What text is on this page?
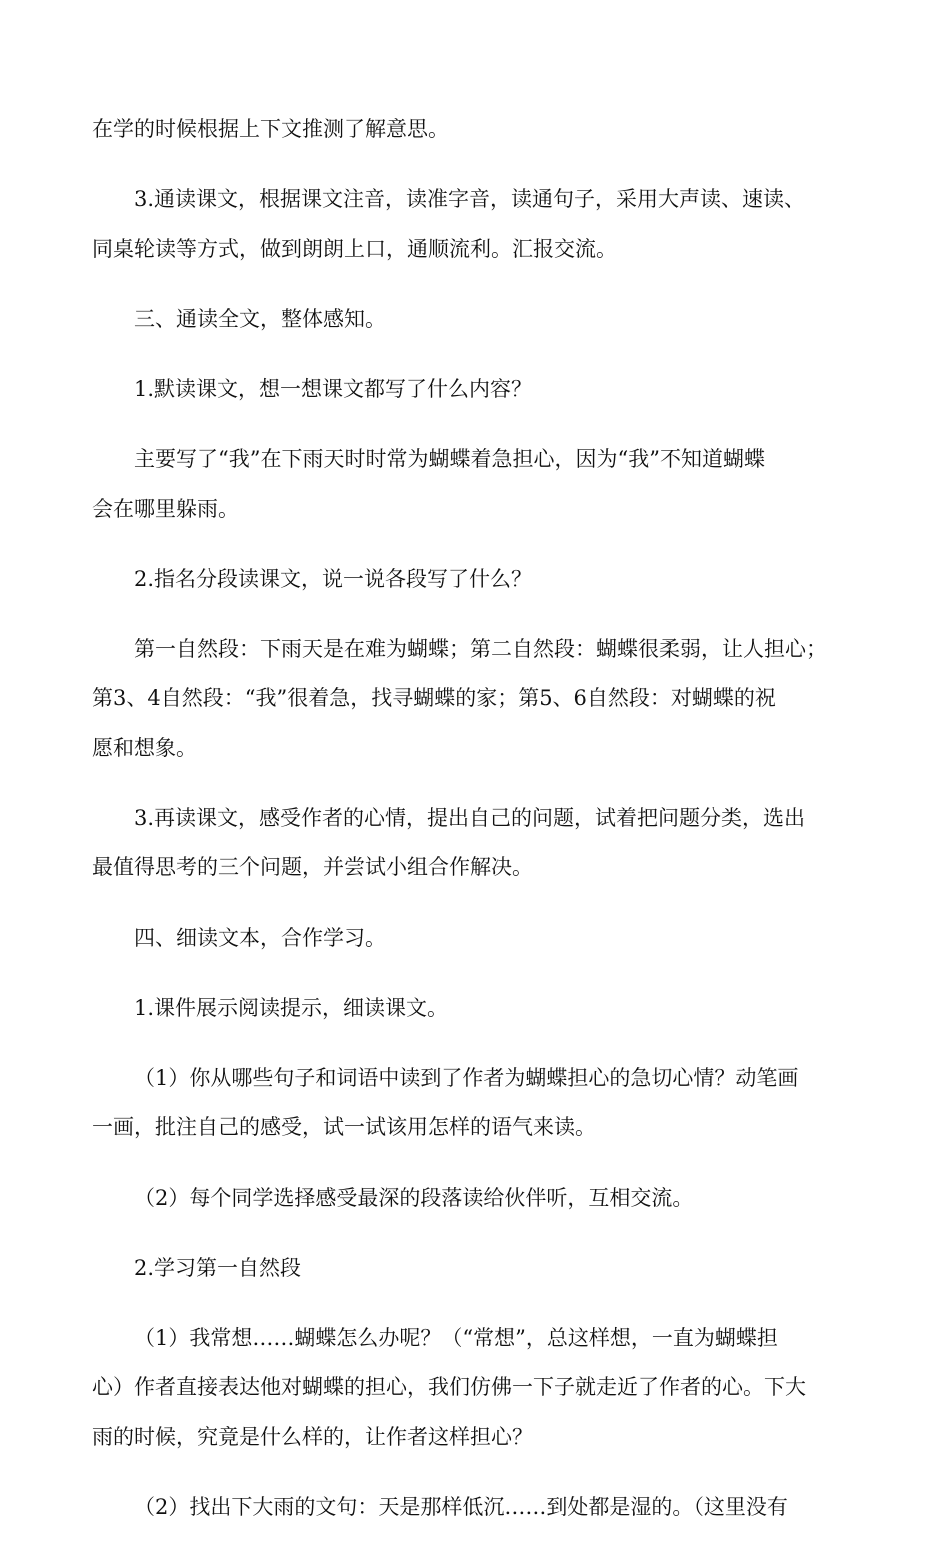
在学的时候根据上下文推测了解意思。
3.通读课文，根据课文注音，读准字音，读通句子，采用大声读、速读、
同桌轮读等方式，做到朗朗上口，通顺流利。汇报交流。
三、通读全文，整体感知。
1.默读课文，想一想课文都写了什么内容？
主要写了“我”在下雨天时时常为蝴蝶着急担心，因为“我”不知道蝴蝶
会在哪里躲雨。
2.指名分段读课文，说一说各段写了什么？
第一自然段：下雨天是在难为蝴蝶；第二自然段：蝴蝶很柔弱，让人担心；
第3、4自然段：“我”很着急，找寻蝴蝶的家；第5、6自然段：对蝴蝶的祝
愿和想象。
3.再读课文，感受作者的心情，提出自己的问题，试着把问题分类，选出
最值得思考的三个问题，并尝试小组合作解决。
四、细读文本，合作学习。
1.课件展示阅读提示，细读课文。
（1）你从哪些句子和词语中读到了作者为蝴蝶担心的急切心情？动笔画
一画，批注自己的感受，试一试该用怎样的语气来读。
（2）每个同学选择感受最深的段落读给伙伴听，互相交流。
2.学习第一自然段
（1）我常想……蝴蝶怎么办呢？（“常想”，总这样想，一直为蝴蝶担
心）作者直接表达他对蝴蝶的担心，我们仿佛一下子就走近了作者的心。下大
雨的时候，究竟是什么样的，让作者这样担心？
（2）找出下大雨的文句：天是那样低沉……到处都是湿的。（这里没有
